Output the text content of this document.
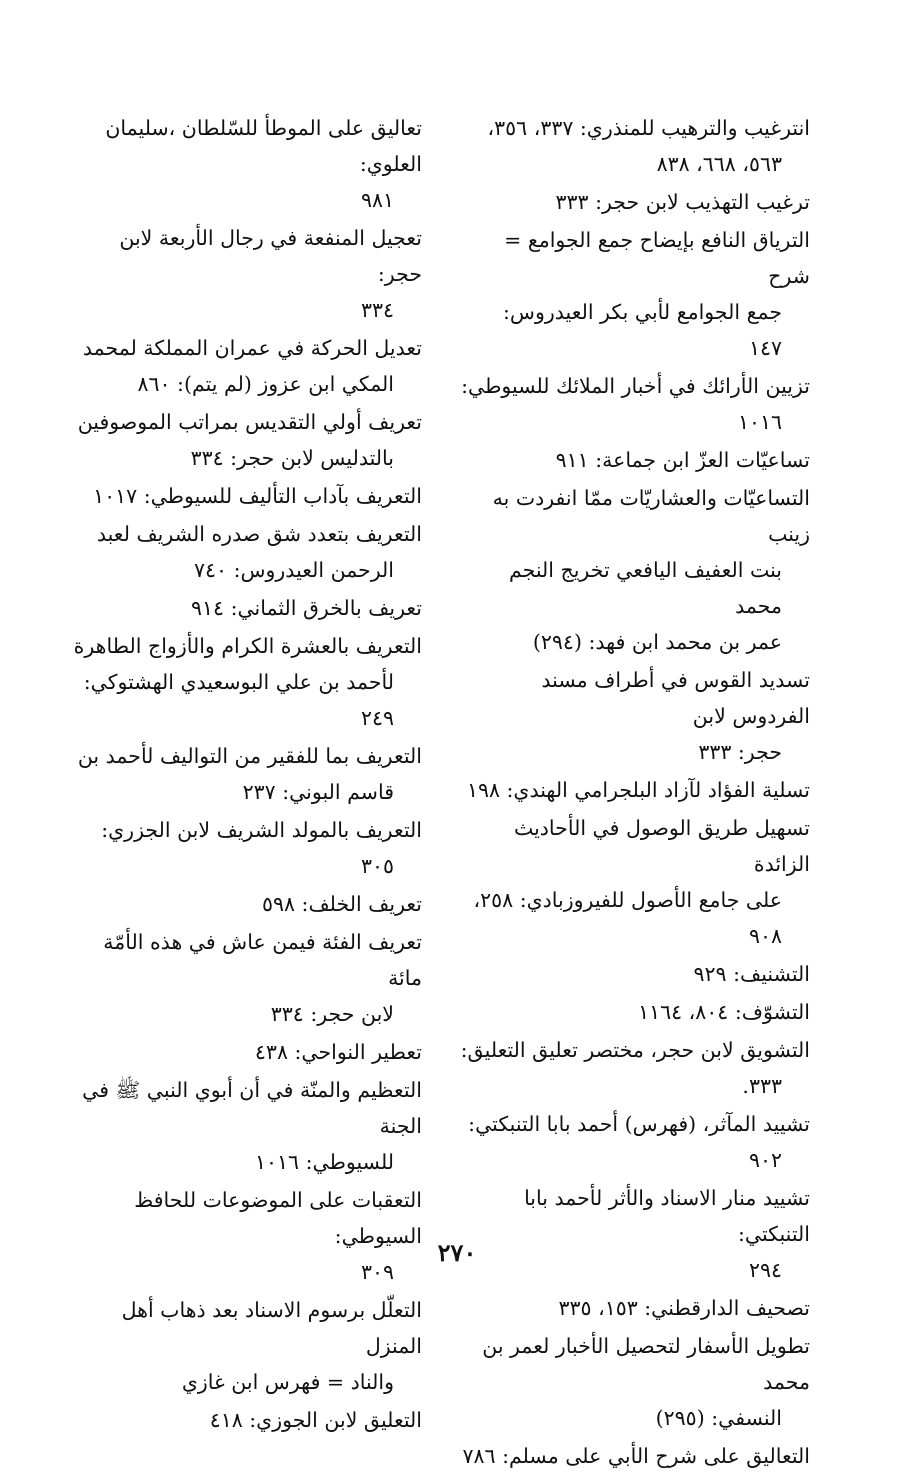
انترغيب والترهيب للمنذري: ٣٣٧، ٣٥٦،
٥٦٣، ٦٦٨، ٨٣٨
ترغيب التهذيب لابن حجر: ٣٣٣
الترياق النافع بإيضاح جمع الجوامع = شرح
جمع الجوامع لأبي بكر العيدروس:
١٤٧
تزيين الأرائك في أخبار الملائك للسيوطي:
١٠١٦
تساعيّات العزّ ابن جماعة: ٩١١
التساعيّات والعشاريّات ممّا انفردت به زينب
بنت العفيف اليافعي تخريج النجم محمد
عمر بن محمد ابن فهد: (٢٩٤)
تسديد القوس في أطراف مسند الفردوس لابن
حجر: ٣٣٣
تسلية الفؤاد لآزاد البلجرامي الهندي: ١٩٨
تسهيل طريق الوصول في الأحاديث الزائدة
على جامع الأصول للفيروزبادي: ٢٥٨،
٩٠٨
التشنيف: ٩٢٩
التشوّف: ٨٠٤، ١١٦٤
التشويق لابن حجر، مختصر تعليق التعليق:
٣٣٣.
تشييد المآثر، (فهرس) أحمد بابا التنبكتي:
٩٠٢
تشييد منار الاسناد والأثر لأحمد بابا التنبكتي:
٢٩٤
تصحيف الدارقطني: ١٥٣، ٣٣٥
تطويل الأسفار لتحصيل الأخبار لعمر بن محمد
النسفي: (٢٩٥)
التعاليق على شرح الأبي على مسلم: ٧٨٦
تعاليق على الموطأ للسّلطان ،سليمان العلوي:
٩٨١
تعجيل المنفعة في رجال الأربعة لابن حجر:
٣٣٤
تعديل الحركة في عمران المملكة لمحمد
المكي ابن عزوز (لم يتم): ٨٦٠
تعريف أولي التقديس بمراتب الموصوفين
بالتدليس لابن حجر: ٣٣٤
التعريف بآداب التأليف للسيوطي: ١٠١٧
التعريف بتعدد شق صدره الشريف لعبد
الرحمن العيدروس: ٧٤٠
تعريف بالخرق الثماني: ٩١٤
التعريف بالعشرة الكرام والأزواج الطاهرة
لأحمد بن علي البوسعيدي الهشتوكي:
٢٤٩
التعريف بما للفقير من التواليف لأحمد بن
قاسم البوني: ٢٣٧
التعريف بالمولد الشريف لابن الجزري:
٣٠٥
تعريف الخلف: ٥٩٨
تعريف الفئة فيمن عاش في هذه الأمّة مائة
لابن حجر: ٣٣٤
تعطير النواحي: ٤٣٨
التعظيم والمنّة في أن أبوي النبي ﷺ في الجنة
للسيوطي: ١٠١٦
التعقبات على الموضوعات للحافظ السيوطي:
٣٠٩
التعلّل برسوم الاسناد بعد ذهاب أهل المنزل
والناد = فهرس ابن غازي
التعليق لابن الجوزي: ٤١٨
٢٧٠
